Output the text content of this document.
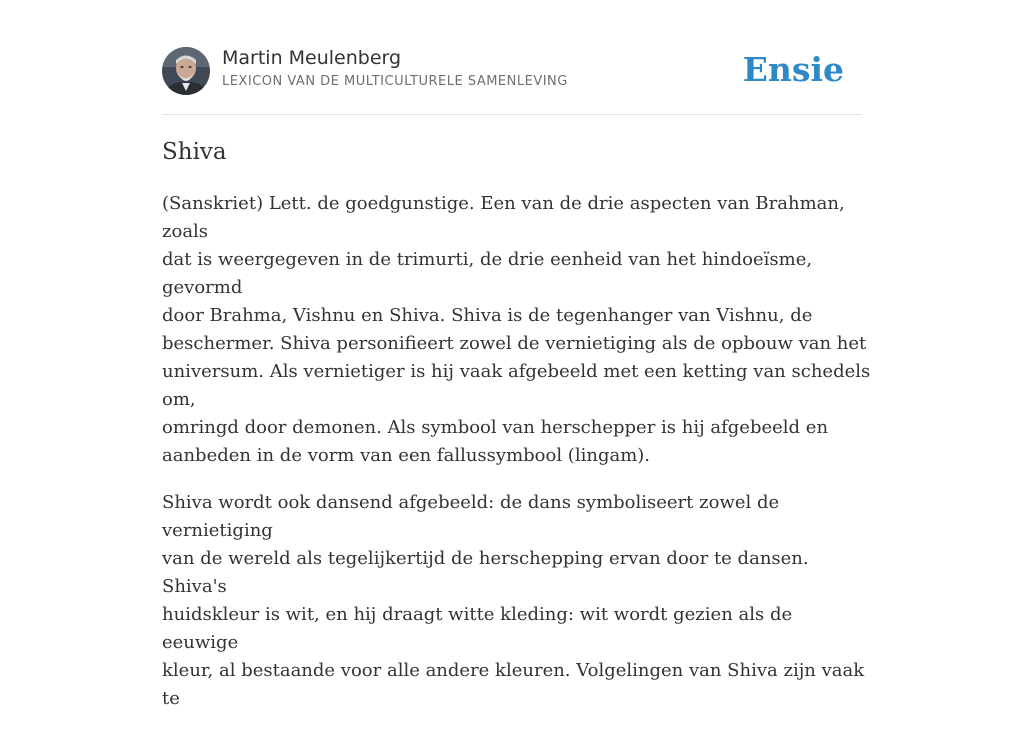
Martin Meulenberg
LEXICON VAN DE MULTICULTURELE SAMENLEVING	Ensie
Shiva

(Sanskriet) Lett. de goedgunstige. Een van de drie aspecten van Brahman, zoals
dat is weergegeven in de trimurti, de drie eenheid van het hindoeïsme, gevormd
door Brahma, Vishnu en Shiva. Shiva is de tegenhanger van Vishnu, de
beschermer. Shiva personifieert zowel de vernietiging als de opbouw van het
universum. Als vernietiger is hij vaak afgebeeld met een ketting van schedels om,
omringd door demonen. Als symbool van herschepper is hij afgebeeld en
aanbeden in de vorm van een fallussymbool (lingam).

Shiva wordt ook dansend afgebeeld: de dans symboliseert zowel de vernietiging
van de wereld als tegelijkertijd de herschepping ervan door te dansen. Shiva's
huidskleur is wit, en hij draagt witte kleding: wit wordt gezien als de eeuwige
kleur, al bestaande voor alle andere kleuren. Volgelingen van Shiva zijn vaak te
